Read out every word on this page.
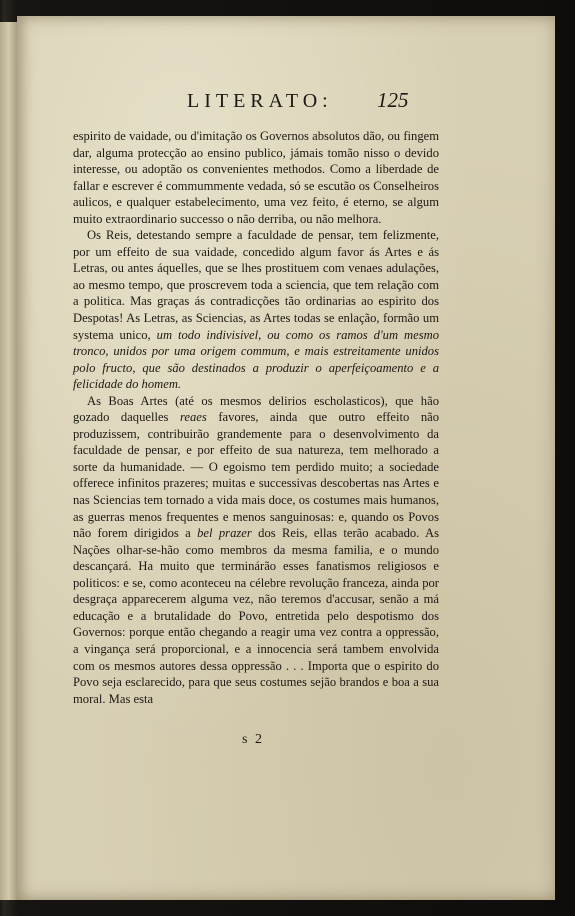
LITERATO: 125

espirito de vaidade, ou d'imitação os Governos absolutos dão, ou fingem dar, alguma protecção ao ensino publico, jámais tomão nisso o devido interesse, ou adoptão os convenientes methodos. Como a liberdade de fallar e escrever é commummente vedada, só se escutão os Conselheiros aulicos, e qualquer estabelecimento, uma vez feito, é eterno, se algum muito extraordinario successo o não derriba, ou não melhora.

Os Reis, detestando sempre a faculdade de pensar, tem felizmente, por um effeito de sua vaidade, concedido algum favor ás Artes e ás Letras, ou antes áquelles, que se lhes prostituem com venaes adulações, ao mesmo tempo, que proscrevem toda a sciencia, que tem relação com a politica. Mas graças ás contradicções tão ordinarias ao espirito dos Despotas! As Letras, as Sciencias, as Artes todas se enlação, formão um systema unico, um todo indivisivel, ou como os ramos d'um mesmo tronco, unidos por uma origem commum, e mais estreitamente unidos polo fructo, que são destinados a produzir o aperfeiçoamento e a felicidade do homem.

As Boas Artes (até os mesmos delirios escholasticos), que hão gozado daquelles reaes favores, ainda que outro effeito não produzissem, contribuirão grandemente para o desenvolvimento da faculdade de pensar, e por effeito de sua natureza, tem melhorado a sorte da humanidade. — O egoismo tem perdido muito; a sociedade offerece infinitos prazeres; muitas e successivas descobertas nas Artes e nas Sciencias tem tornado a vida mais doce, os costumes mais humanos, as guerras menos frequentes e menos sanguinosas: e, quando os Povos não forem dirigidos a bel prazer dos Reis, ellas terão acabado. As Nações olhar-se-hão como membros da mesma familia, e o mundo descançará. Ha muito que terminárão esses fanatismos religiosos e politicos: e se, como aconteceu na célebre revolução franceza, ainda por desgraça apparecerem alguma vez, não teremos d'accusar, senão a má educação e a brutalidade do Povo, entretida pelo despotismo dos Governos: porque então chegando a reagir uma vez contra a oppressão, a vingança será proporcional, e a innocencia será tambem envolvida com os mesmos autores dessa oppressão . . . Importa que o espirito do Povo seja esclarecido, para que seus costumes sejão brandos e boa a sua moral. Mas esta

s 2
